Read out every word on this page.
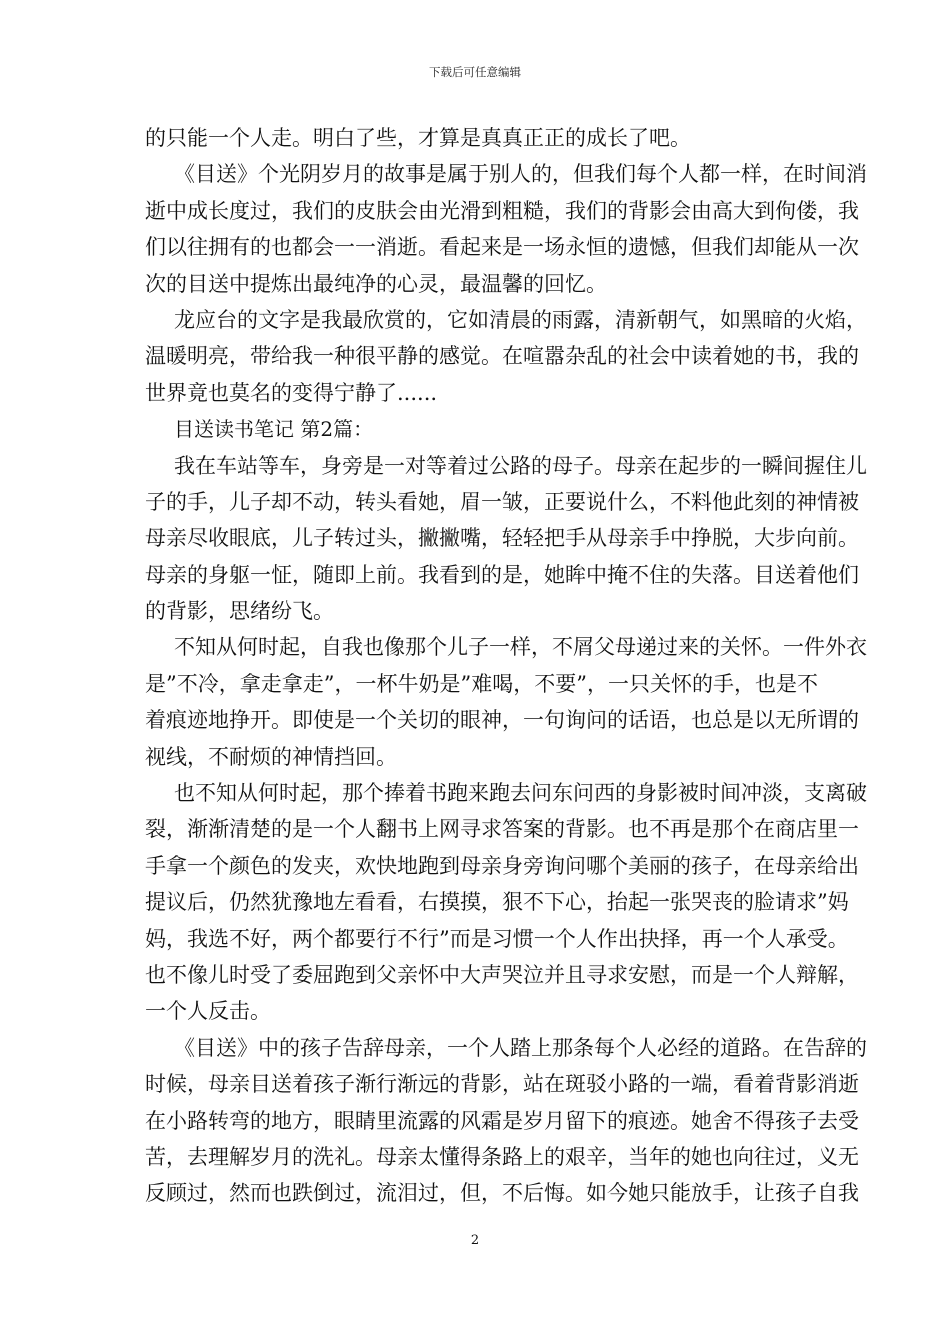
下载后可任意编辑
的只能一个人走。明白了些，才算是真真正正的成长了吧。
《目送》个光阴岁月的故事是属于别人的，但我们每个人都一样，在时间消
逝中成长度过，我们的皮肤会由光滑到粗糙，我们的背影会由高大到佝偻，我
们以往拥有的也都会一一消逝。看起来是一场永恒的遗憾，但我们却能从一次
次的目送中提炼出最纯净的心灵，最温馨的回忆。
龙应台的文字是我最欣赏的，它如清晨的雨露，清新朝气，如黑暗的火焰，
温暖明亮，带给我一种很平静的感觉。在喧嚣杂乱的社会中读着她的书，我的
世界竟也莫名的变得宁静了......
目送读书笔记 第2篇：
我在车站等车，身旁是一对等着过公路的母子。母亲在起步的一瞬间握住儿
子的手，儿子却不动，转头看她，眉一皱，正要说什么，不料他此刻的神情被
母亲尽收眼底，儿子转过头，撇撇嘴，轻轻把手从母亲手中挣脱，大步向前。
母亲的身躯一怔，随即上前。我看到的是，她眸中掩不住的失落。目送着他们
的背影，思绪纷飞。
不知从何时起，自我也像那个儿子一样，不屑父母递过来的关怀。一件外衣
是”不冷，拿走拿走”，一杯牛奶是”难喝，不要”，一只关怀的手，也是不
着痕迹地挣开。即使是一个关切的眼神，一句询问的话语，也总是以无所谓的
视线，不耐烦的神情挡回。
也不知从何时起，那个捧着书跑来跑去问东问西的身影被时间冲淡，支离破
裂，渐渐清楚的是一个人翻书上网寻求答案的背影。也不再是那个在商店里一
手拿一个颜色的发夹，欢快地跑到母亲身旁询问哪个美丽的孩子，在母亲给出
提议后，仍然犹豫地左看看，右摸摸，狠不下心，抬起一张哭丧的脸请求”妈
妈，我选不好，两个都要行不行”而是习惯一个人作出抉择，再一个人承受。
也不像儿时受了委屈跑到父亲怀中大声哭泣并且寻求安慰，而是一个人辩解，
一个人反击。
《目送》中的孩子告辞母亲，一个人踏上那条每个人必经的道路。在告辞的
时候，母亲目送着孩子渐行渐远的背影，站在斑驳小路的一端，看着背影消逝
在小路转弯的地方，眼睛里流露的风霜是岁月留下的痕迹。她舍不得孩子去受
苦，去理解岁月的洗礼。母亲太懂得条路上的艰辛，当年的她也向往过，义无
反顾过，然而也跌倒过，流泪过，但，不后悔。如今她只能放手，让孩子自我
2
